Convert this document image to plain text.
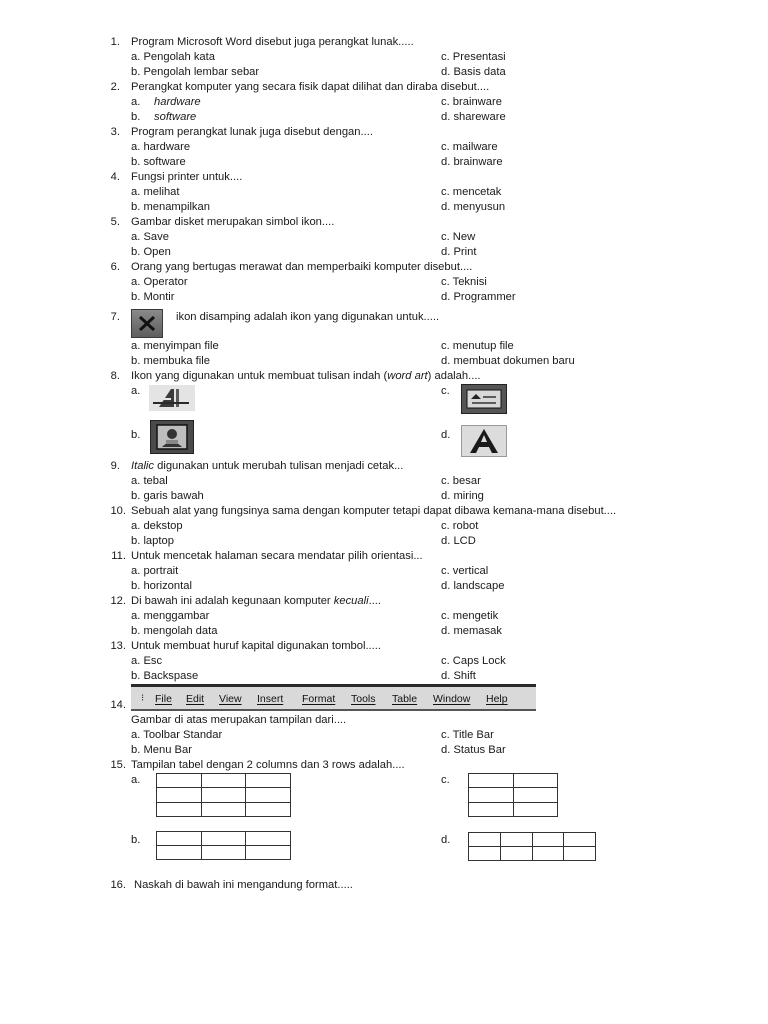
1. Program Microsoft Word disebut juga perangkat lunak.....
a. Pengolah kata	c. Presentasi
b. Pengolah lembar sebar	d. Basis data
2. Perangkat komputer yang secara fisik dapat dilihat dan diraba disebut....
a. hardware	c. brainware
b. software	d. shareware
3. Program perangkat lunak juga disebut dengan....
a. hardware	c. mailware
b. software	d. brainware
4. Fungsi printer untuk....
a. melihat	c. mencetak
b. menampilkan	d. menyusun
5. Gambar disket merupakan simbol ikon....
a. Save	c. New
b. Open	d. Print
6. Orang yang bertugas merawat dan memperbaiki komputer disebut....
a. Operator	c. Teknisi
b. Montir	d. Programmer
7.	ikon disamping adalah ikon yang digunakan untuk.....
a. menyimpan file	c. menutup file
b. membuka file	d. membuat dokumen baru
8. Ikon yang digunakan untuk membuat tulisan indah (word art) adalah....
a.	c.
b.	d.
9. Italic digunakan untuk merubah tulisan menjadi cetak...
a. tebal	c. besar
b. garis bawah	d. miring
10. Sebuah alat yang fungsinya sama dengan komputer tetapi dapat dibawa kemana-mana disebut....
a. dekstop	c. robot
b. laptop	d. LCD
11. Untuk mencetak halaman secara mendatar pilih orientasi...
a. portrait	c. vertical
b. horizontal	d. landscape
12. Di bawah ini adalah kegunaan komputer kecuali....
a. menggambar	c. mengetik
b. mengolah data	d. memasak
13. Untuk membuat huruf kapital digunakan tombol.....
a. Esc	c. Caps Lock
b. Backspase	d. Shift
14.
⁝ File Edit View Insert Format Tools Table Window Help
Gambar di atas merupakan tampilan dari....
a. Toolbar Standar	c. Title Bar
b. Menu Bar	d. Status Bar
15. Tampilan tabel dengan 2 columns dan 3 rows adalah....
a.

			c.

b.

			d.

16. Naskah di bawah ini mengandung format.....
